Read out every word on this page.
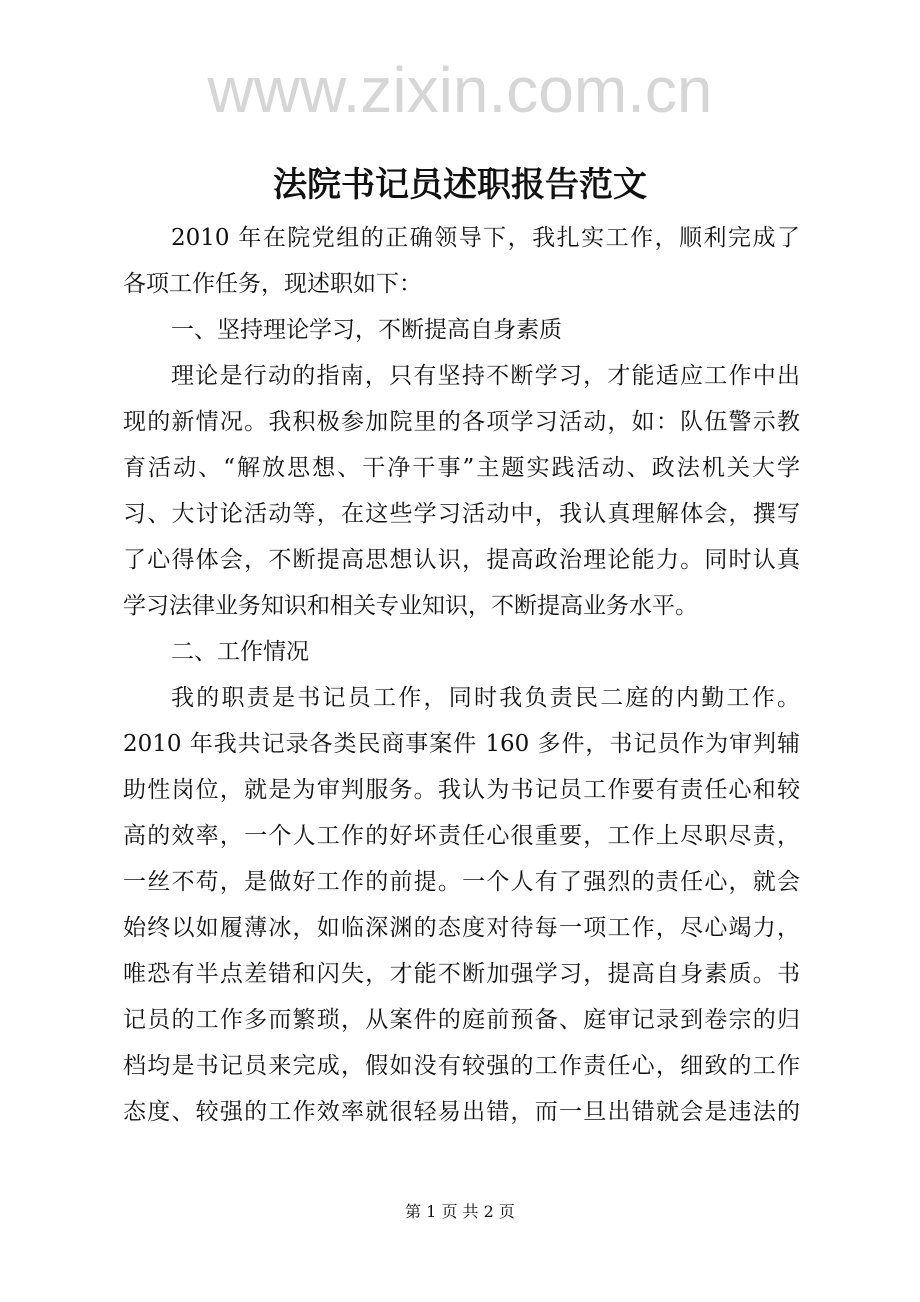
www.zixin.com.cn
法院书记员述职报告范文
2010 年在院党组的正确领导下，我扎实工作，顺利完成了
各项工作任务，现述职如下：
一、坚持理论学习，不断提高自身素质
理论是行动的指南，只有坚持不断学习，才能适应工作中出
现的新情况。我积极参加院里的各项学习活动，如：队伍警示教
育活动、“解放思想、干净干事”主题实践活动、政法机关大学
习、大讨论活动等，在这些学习活动中，我认真理解体会，撰写
了心得体会，不断提高思想认识，提高政治理论能力。同时认真
学习法律业务知识和相关专业知识，不断提高业务水平。
二、工作情况
我的职责是书记员工作，同时我负责民二庭的内勤工作。
2010 年我共记录各类民商事案件 160 多件，书记员作为审判辅
助性岗位，就是为审判服务。我认为书记员工作要有责任心和较
高的效率，一个人工作的好坏责任心很重要，工作上尽职尽责，
一丝不苟，是做好工作的前提。一个人有了强烈的责任心，就会
始终以如履薄冰，如临深渊的态度对待每一项工作，尽心竭力，
唯恐有半点差错和闪失，才能不断加强学习，提高自身素质。书
记员的工作多而繁琐，从案件的庭前预备、庭审记录到卷宗的归
档均是书记员来完成，假如没有较强的工作责任心，细致的工作
态度、较强的工作效率就很轻易出错，而一旦出错就会是违法的
第 1 页 共 2 页
